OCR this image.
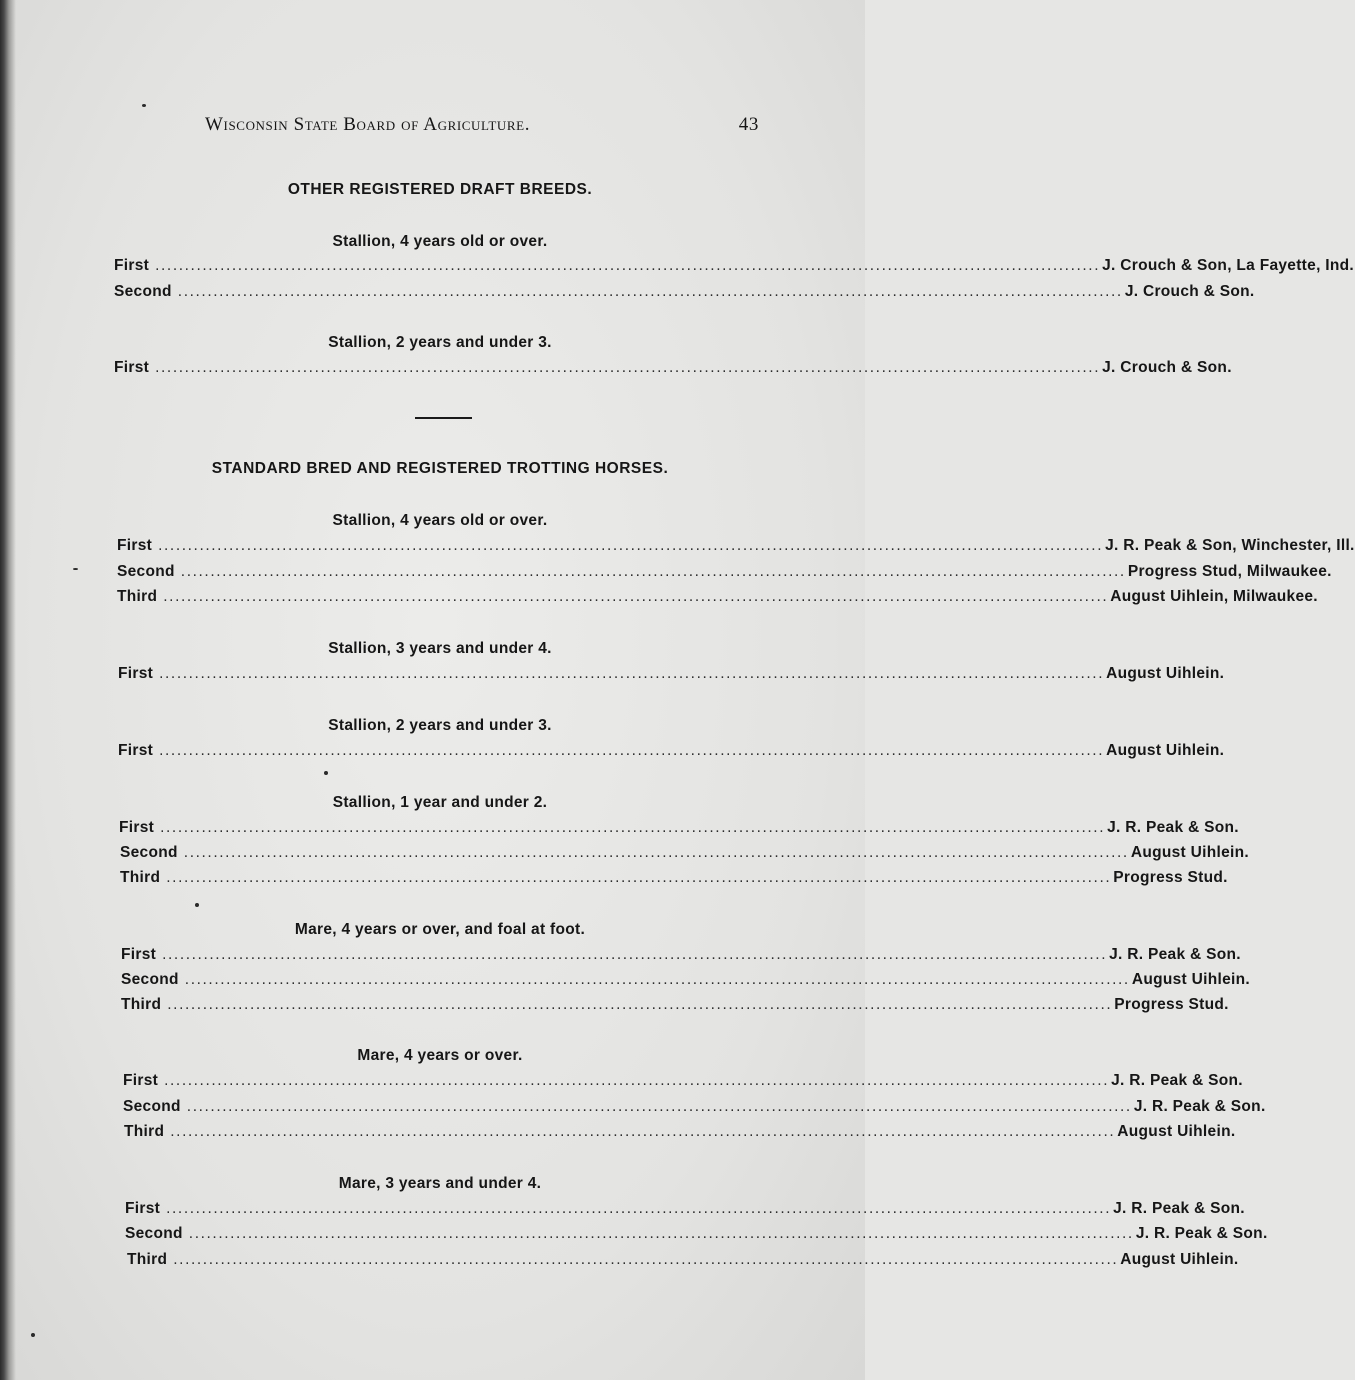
Wisconsin State Board of Agriculture.	43
OTHER REGISTERED DRAFT BREEDS.
Stallion, 4 years old or over.
First ................................................................................................................................................................ J. Crouch & Son, La Fayette, Ind.
Second ................................................................................................................................................................ J. Crouch & Son.
Stallion, 2 years and under 3.
First ................................................................................................................................................................ J. Crouch & Son.
STANDARD BRED AND REGISTERED TROTTING HORSES.
Stallion, 4 years old or over.
First ................................................................................................................................................................ J. R. Peak & Son, Winchester, Ill.
Second ................................................................................................................................................................ Progress Stud, Milwaukee.
Third ................................................................................................................................................................ August Uihlein, Milwaukee.
Stallion, 3 years and under 4.
First ................................................................................................................................................................ August Uihlein.
Stallion, 2 years and under 3.
First ................................................................................................................................................................ August Uihlein.
Stallion, 1 year and under 2.
First ................................................................................................................................................................ J. R. Peak & Son.
Second ................................................................................................................................................................ August Uihlein.
Third ................................................................................................................................................................ Progress Stud.
Mare, 4 years or over, and foal at foot.
First ................................................................................................................................................................ J. R. Peak & Son.
Second ................................................................................................................................................................ August Uihlein.
Third ................................................................................................................................................................ Progress Stud.
Mare, 4 years or over.
First ................................................................................................................................................................ J. R. Peak & Son.
Second ................................................................................................................................................................ J. R. Peak & Son.
Third ................................................................................................................................................................ August Uihlein.
Mare, 3 years and under 4.
First ................................................................................................................................................................ J. R. Peak & Son.
Second ................................................................................................................................................................ J. R. Peak & Son.
Third ................................................................................................................................................................ August Uihlein.
